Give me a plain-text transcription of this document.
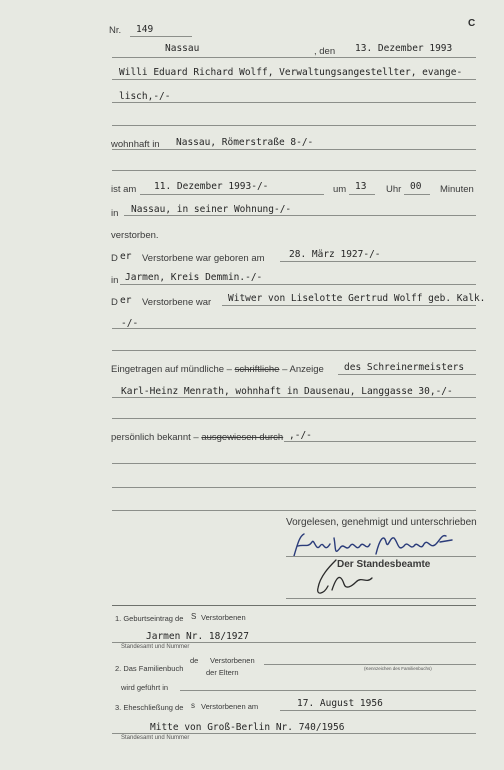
C
Nr. 149
Nassau	, den 13. Dezember 1993
Willi Eduard Richard Wolff, Verwaltungsangestellter, evange-
lisch,-/-
wohnhaft in Nassau, Römerstraße 8-/-
ist am 11. Dezember 1993-/-	um 13 Uhr 00 Minuten
in Nassau, in seiner Wohnung-/-
verstorben.
D er Verstorbene war geboren am	28. März 1927-/-
in Jarmen, Kreis Demmin.-/-
D er Verstorbene war Witwer von Liselotte Gertrud Wolff geb. Kalk.
-/-
Eingetragen auf mündliche – schriftliche – Anzeige des Schreinermeisters
Karl-Heinz Menrath, wohnhaft in Dausenau, Langgasse 30,-/-
persönlich bekannt – ausgewiesen durch ,-/-
Vorgelesen, genehmigt und unterschrieben
Der Standesbeamte
1. Geburtseintrag de S Verstorbenen
Jarmen Nr. 18/1927
Standesamt und Nummer
2. Das Familienbuch
de Verstorbenen
der Eltern	(Kennzeichen des Familienbuchs)
wird geführt in
3. Eheschließung de s Verstorbenen am	17. August 1956
Mitte von Groß-Berlin Nr. 740/1956
Standesamt und Nummer
